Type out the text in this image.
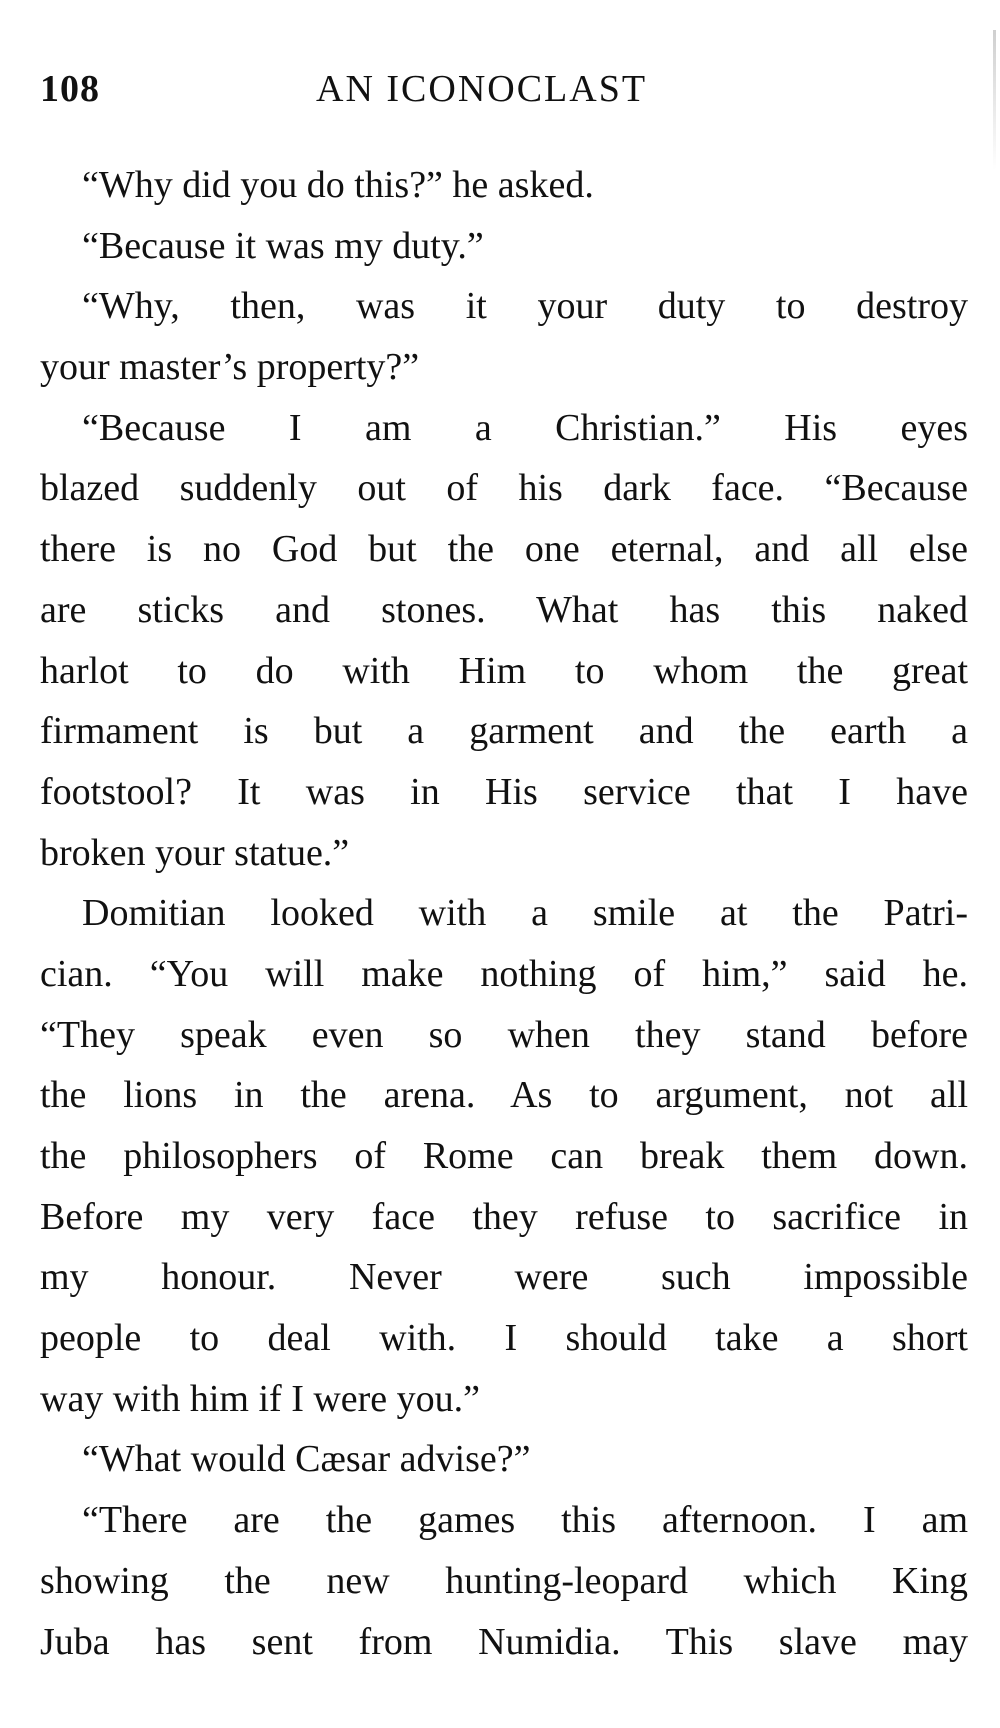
108	AN ICONOCLAST
“Why did you do this?” he asked.
“Because it was my duty.”
“Why, then, was it your duty to destroy
your master’s property?”
“Because I am a Christian.” His eyes
blazed suddenly out of his dark face. “Because
there is no God but the one eternal, and all else
are sticks and stones. What has this naked
harlot to do with Him to whom the great
firmament is but a garment and the earth a
footstool? It was in His service that I have
broken your statue.”
Domitian looked with a smile at the Patri-
cian. “You will make nothing of him,” said he.
“They speak even so when they stand before
the lions in the arena. As to argument, not all
the philosophers of Rome can break them down.
Before my very face they refuse to sacrifice in
my honour. Never were such impossible
people to deal with. I should take a short
way with him if I were you.”
“What would Cæsar advise?”
“There are the games this afternoon. I am
showing the new hunting-leopard which King
Juba has sent from Numidia. This slave may
